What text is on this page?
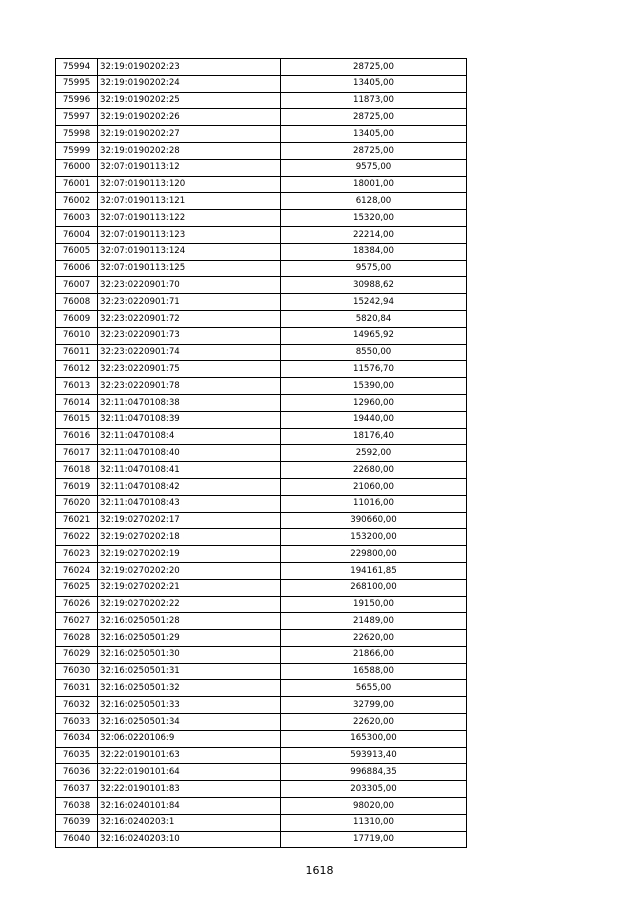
75994	32:19:0190202:23	28725,00
75995	32:19:0190202:24	13405,00
75996	32:19:0190202:25	11873,00
75997	32:19:0190202:26	28725,00
75998	32:19:0190202:27	13405,00
75999	32:19:0190202:28	28725,00
76000	32:07:0190113:12	9575,00
76001	32:07:0190113:120	18001,00
76002	32:07:0190113:121	6128,00
76003	32:07:0190113:122	15320,00
76004	32:07:0190113:123	22214,00
76005	32:07:0190113:124	18384,00
76006	32:07:0190113:125	9575,00
76007	32:23:0220901:70	30988,62
76008	32:23:0220901:71	15242,94
76009	32:23:0220901:72	5820,84
76010	32:23:0220901:73	14965,92
76011	32:23:0220901:74	8550,00
76012	32:23:0220901:75	11576,70
76013	32:23:0220901:78	15390,00
76014	32:11:0470108:38	12960,00
76015	32:11:0470108:39	19440,00
76016	32:11:0470108:4	18176,40
76017	32:11:0470108:40	2592,00
76018	32:11:0470108:41	22680,00
76019	32:11:0470108:42	21060,00
76020	32:11:0470108:43	11016,00
76021	32:19:0270202:17	390660,00
76022	32:19:0270202:18	153200,00
76023	32:19:0270202:19	229800,00
76024	32:19:0270202:20	194161,85
76025	32:19:0270202:21	268100,00
76026	32:19:0270202:22	19150,00
76027	32:16:0250501:28	21489,00
76028	32:16:0250501:29	22620,00
76029	32:16:0250501:30	21866,00
76030	32:16:0250501:31	16588,00
76031	32:16:0250501:32	5655,00
76032	32:16:0250501:33	32799,00
76033	32:16:0250501:34	22620,00
76034	32:06:0220106:9	165300,00
76035	32:22:0190101:63	593913,40
76036	32:22:0190101:64	996884,35
76037	32:22:0190101:83	203305,00
76038	32:16:0240101:84	98020,00
76039	32:16:0240203:1	11310,00
76040	32:16:0240203:10	17719,00
1618
